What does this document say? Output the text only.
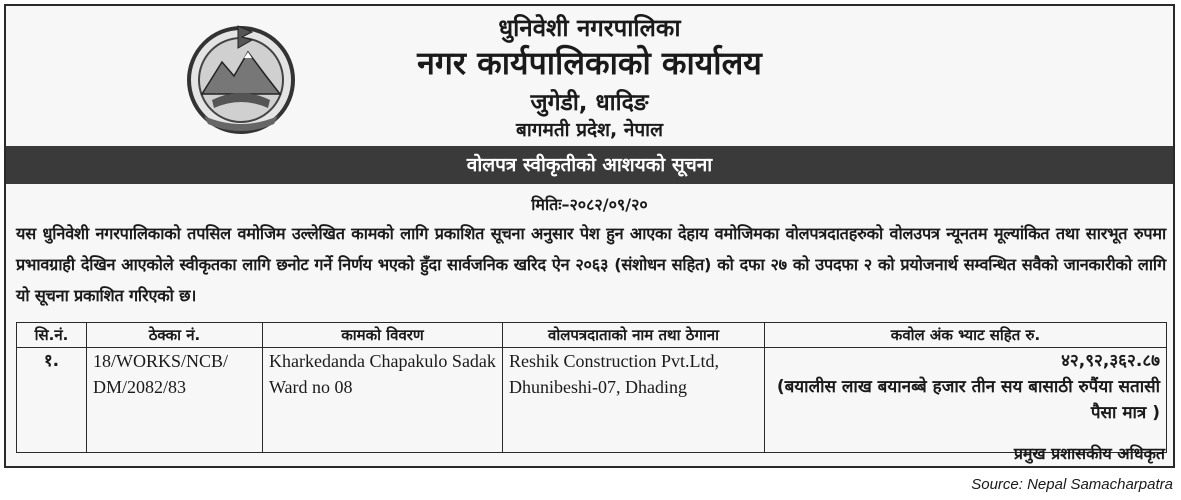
धुनिवेशी नगरपालिका
नगर कार्यपालिकाको कार्यालय
जुगेडी, धादिङ
बागमती प्रदेश, नेपाल
वोलपत्र स्वीकृतीको आशयको सूचना
मितिः–२०८२/०९/२०
यस धुनिवेशी नगरपालिकाको तपसिल वमोजिम उल्लेखित कामको लागि प्रकाशित सूचना अनुसार पेश हुन आएका देहाय वमोजिमका वोलपत्रदातहरुको वोलउपत्र न्यूनतम मूल्यांकित तथा सारभूत रुपमा प्रभावग्राही देखिन आएकोले स्वीकृतका लागि छनोट गर्ने निर्णय भएको हुँदा सार्वजनिक खरिद ऐन २०६३ (संशोधन सहित) को दफा २७ को उपदफा २ को प्रयोजनार्थ सम्वन्धित सवैको जानकारीको लागि यो सूचना प्रकाशित गरिएको छ।
सि.नं.	ठेक्का नं.	कामको विवरण	वोलपत्रदाताको नाम तथा ठेगाना	कवोल अंक भ्याट सहित रु.
१.	18/WORKS/NCB/ DM/2082/83	Kharkedanda Chapakulo Sadak Ward no 08	Reshik Construction Pvt.Ltd, Dhunibeshi-07, Dhading	४२,९२,३६२.८७
(बयालीस लाख बयानब्बे हजार तीन सय बासाठी रुपैंया सतासी पैसा मात्र )
प्रमुख प्रशासकीय अधिकृत
Source: Nepal Samacharpatra
